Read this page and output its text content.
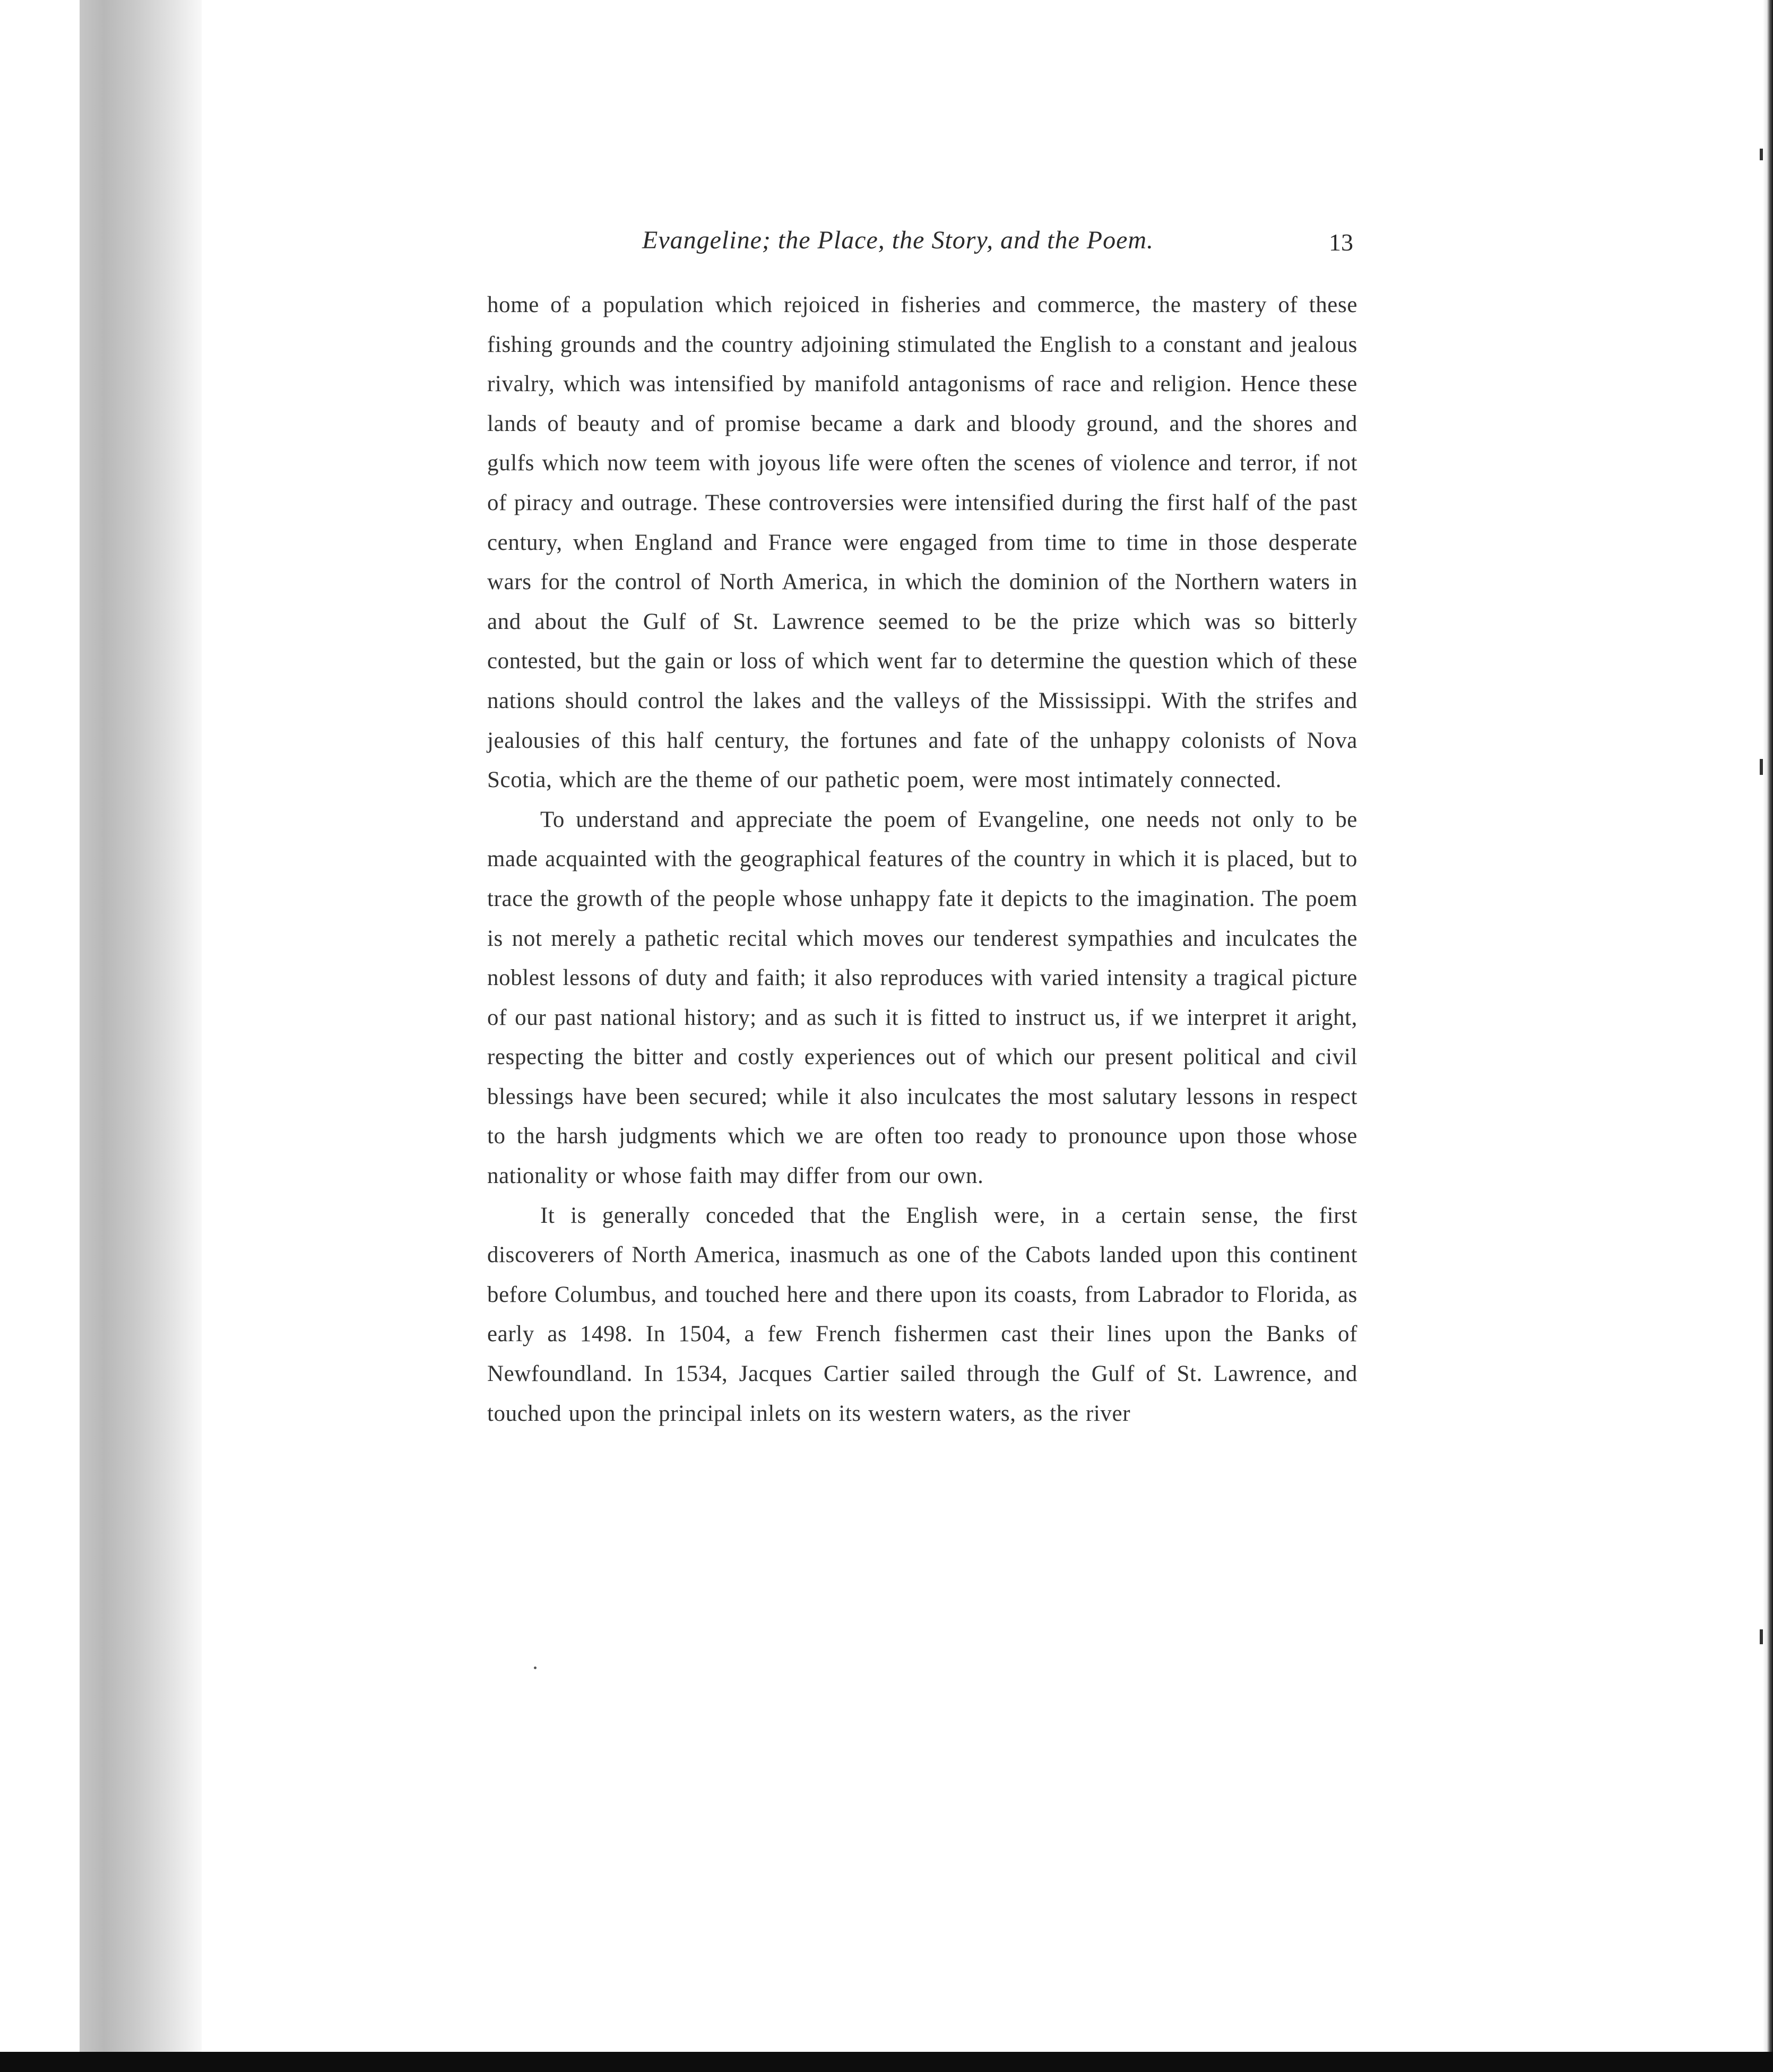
Evangeline; the Place, the Story, and the Poem.	13

home of a population which rejoiced in fisheries and commerce, the mastery of these fishing grounds and the country adjoining stimulated the English to a constant and jealous rivalry, which was intensified by manifold antagonisms of race and religion. Hence these lands of beauty and of promise became a dark and bloody ground, and the shores and gulfs which now teem with joyous life were often the scenes of violence and terror, if not of piracy and outrage. These controversies were intensified during the first half of the past century, when England and France were engaged from time to time in those desperate wars for the control of North America, in which the dominion of the Northern waters in and about the Gulf of St. Lawrence seemed to be the prize which was so bitterly contested, but the gain or loss of which went far to determine the question which of these nations should control the lakes and the valleys of the Mississippi. With the strifes and jealousies of this half century, the fortunes and fate of the unhappy colonists of Nova Scotia, which are the theme of our pathetic poem, were most intimately connected.

To understand and appreciate the poem of Evangeline, one needs not only to be made acquainted with the geographical features of the country in which it is placed, but to trace the growth of the people whose unhappy fate it depicts to the imagination. The poem is not merely a pathetic recital which moves our tenderest sympathies and inculcates the noblest lessons of duty and faith; it also reproduces with varied intensity a tragical picture of our past national history; and as such it is fitted to instruct us, if we interpret it aright, respecting the bitter and costly experiences out of which our present political and civil blessings have been secured; while it also inculcates the most salutary lessons in respect to the harsh judgments which we are often too ready to pronounce upon those whose nationality or whose faith may differ from our own.

It is generally conceded that the English were, in a certain sense, the first discoverers of North America, inasmuch as one of the Cabots landed upon this continent before Columbus, and touched here and there upon its coasts, from Labrador to Florida, as early as 1498. In 1504, a few French fishermen cast their lines upon the Banks of Newfoundland. In 1534, Jacques Cartier sailed through the Gulf of St. Lawrence, and touched upon the principal inlets on its western waters, as the river
